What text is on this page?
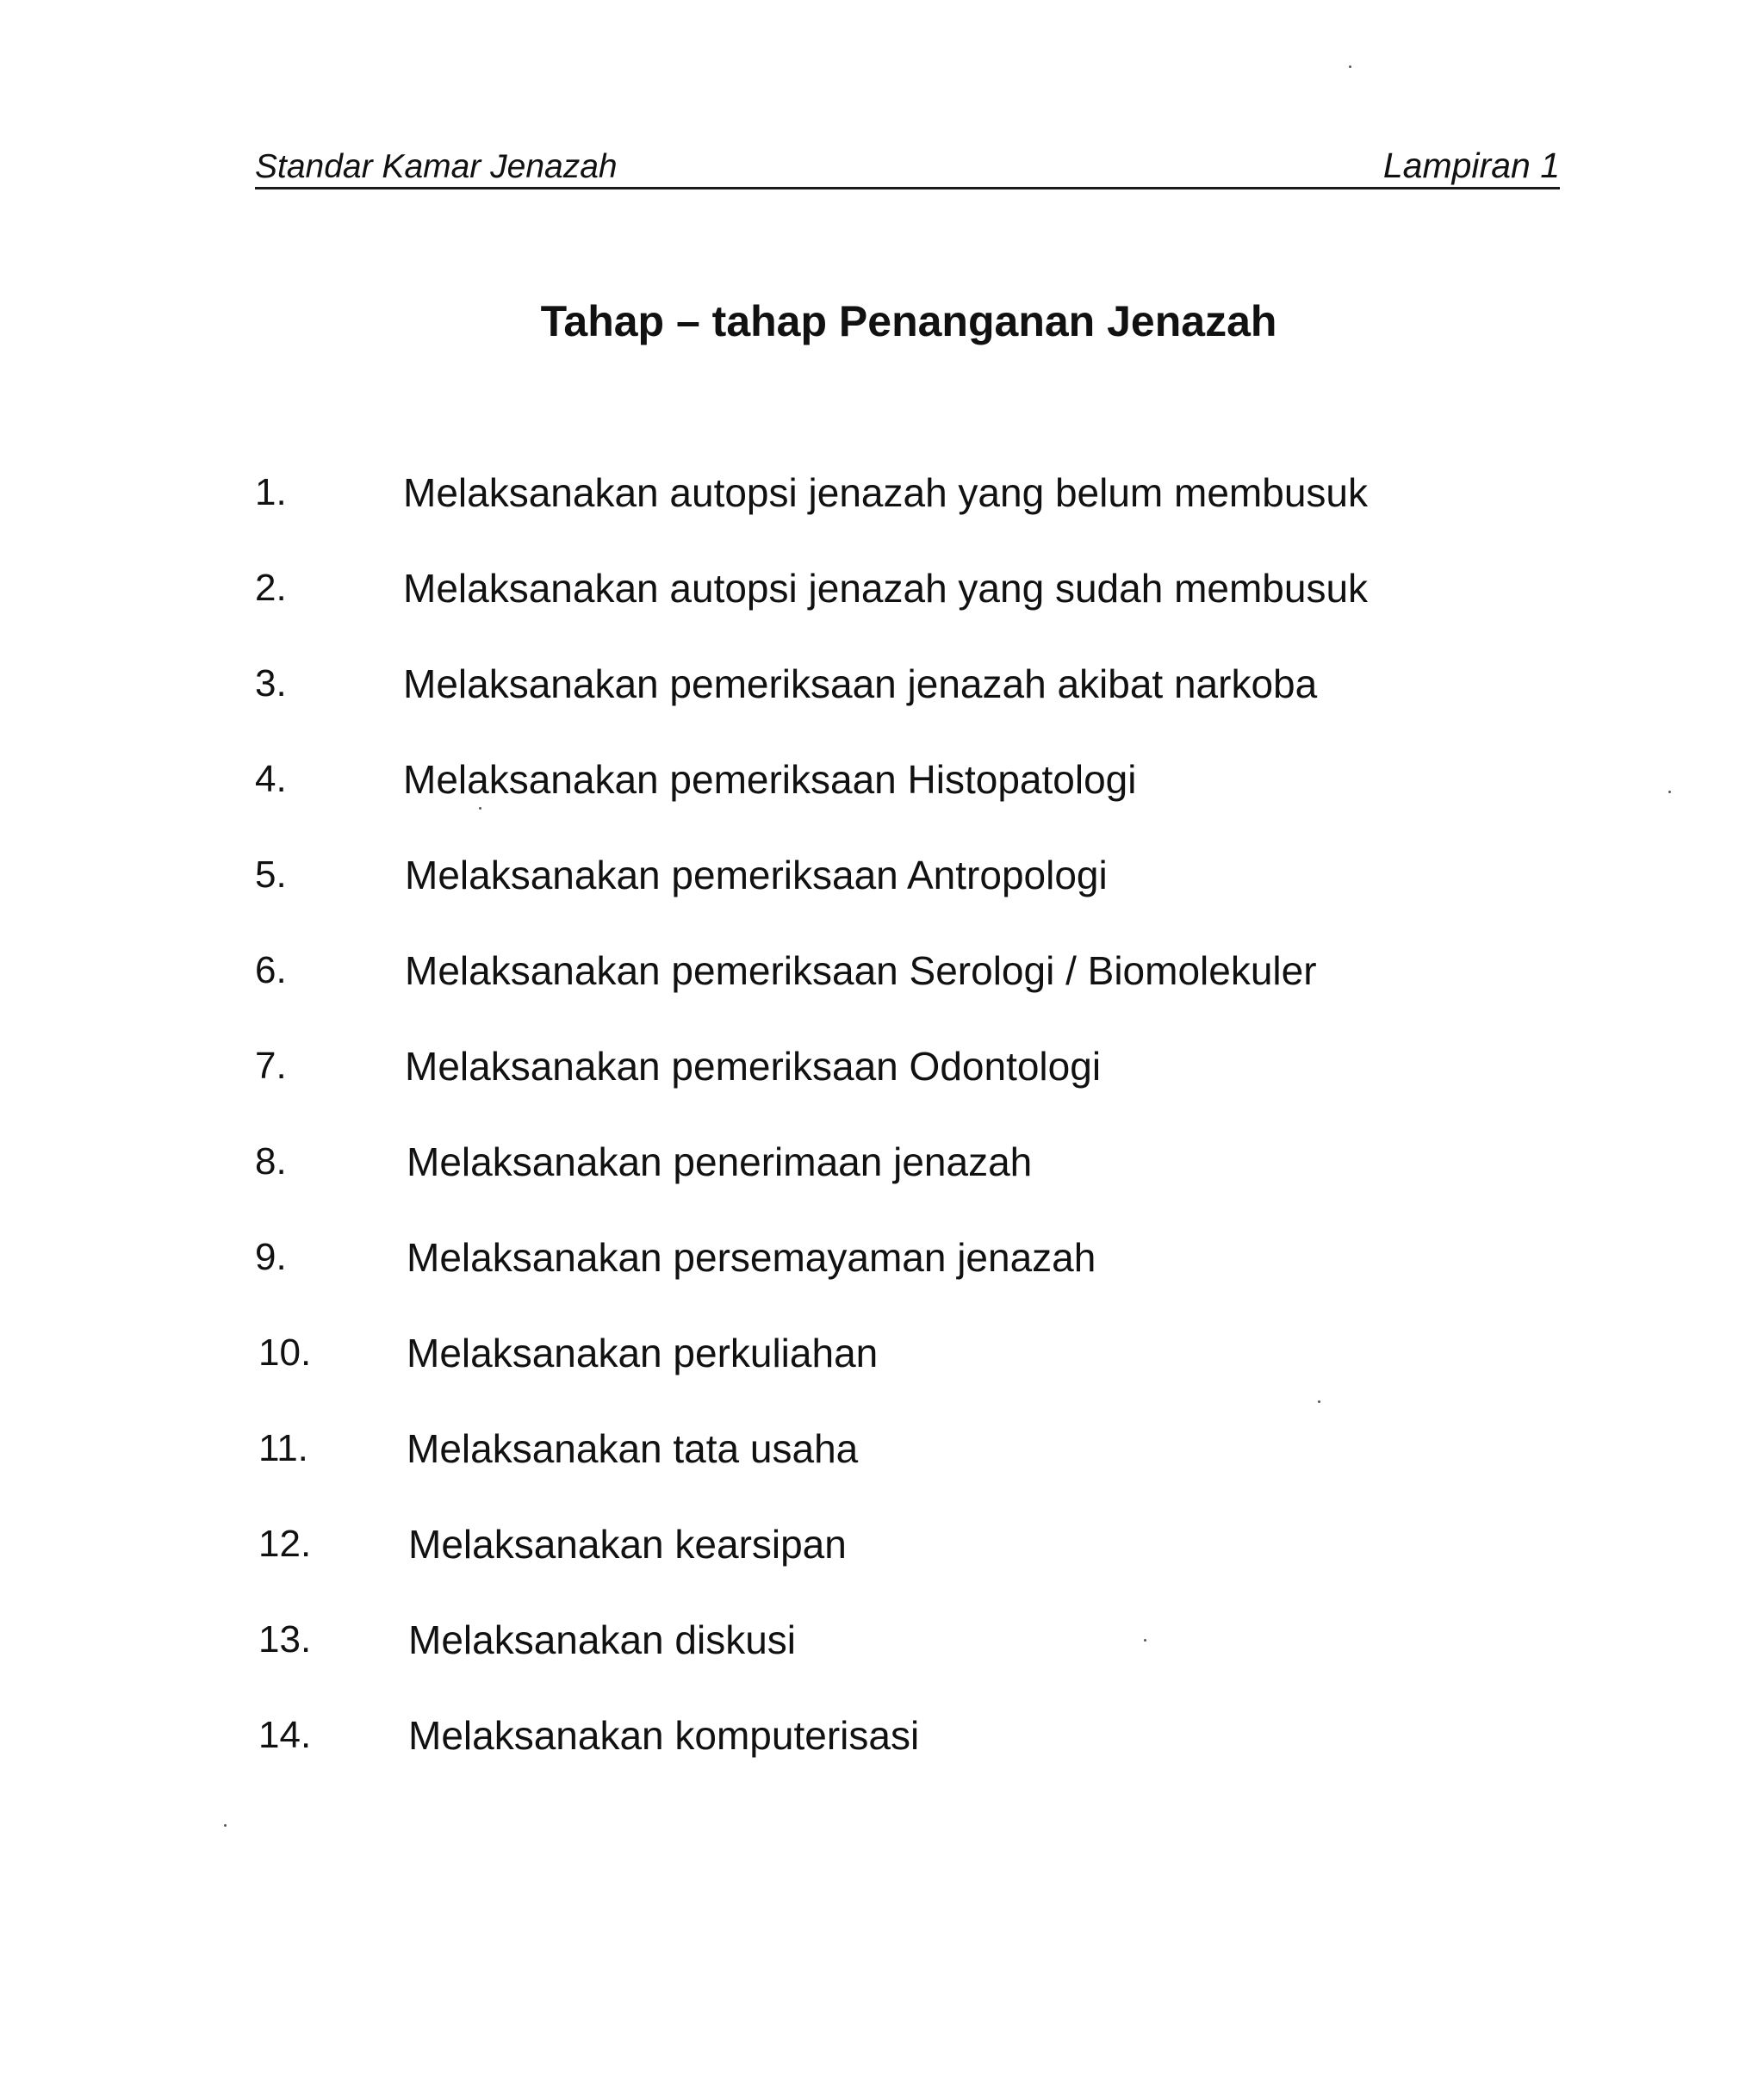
Standar Kamar Jenazah	Lampiran 1
Tahap – tahap Penanganan Jenazah
1.	Melaksanakan autopsi jenazah yang belum membusuk
2.	Melaksanakan autopsi jenazah yang sudah membusuk
3.	Melaksanakan pemeriksaan jenazah akibat narkoba
4.	Melaksanakan pemeriksaan Histopatologi
5.	Melaksanakan pemeriksaan Antropologi
6.	Melaksanakan pemeriksaan Serologi / Biomolekuler
7.	Melaksanakan pemeriksaan Odontologi
8.	Melaksanakan penerimaan jenazah
9.	Melaksanakan persemayaman jenazah
10. Melaksanakan perkuliahan
11. Melaksanakan tata usaha
12. Melaksanakan kearsipan
13. Melaksanakan diskusi
14. Melaksanakan komputerisasi
